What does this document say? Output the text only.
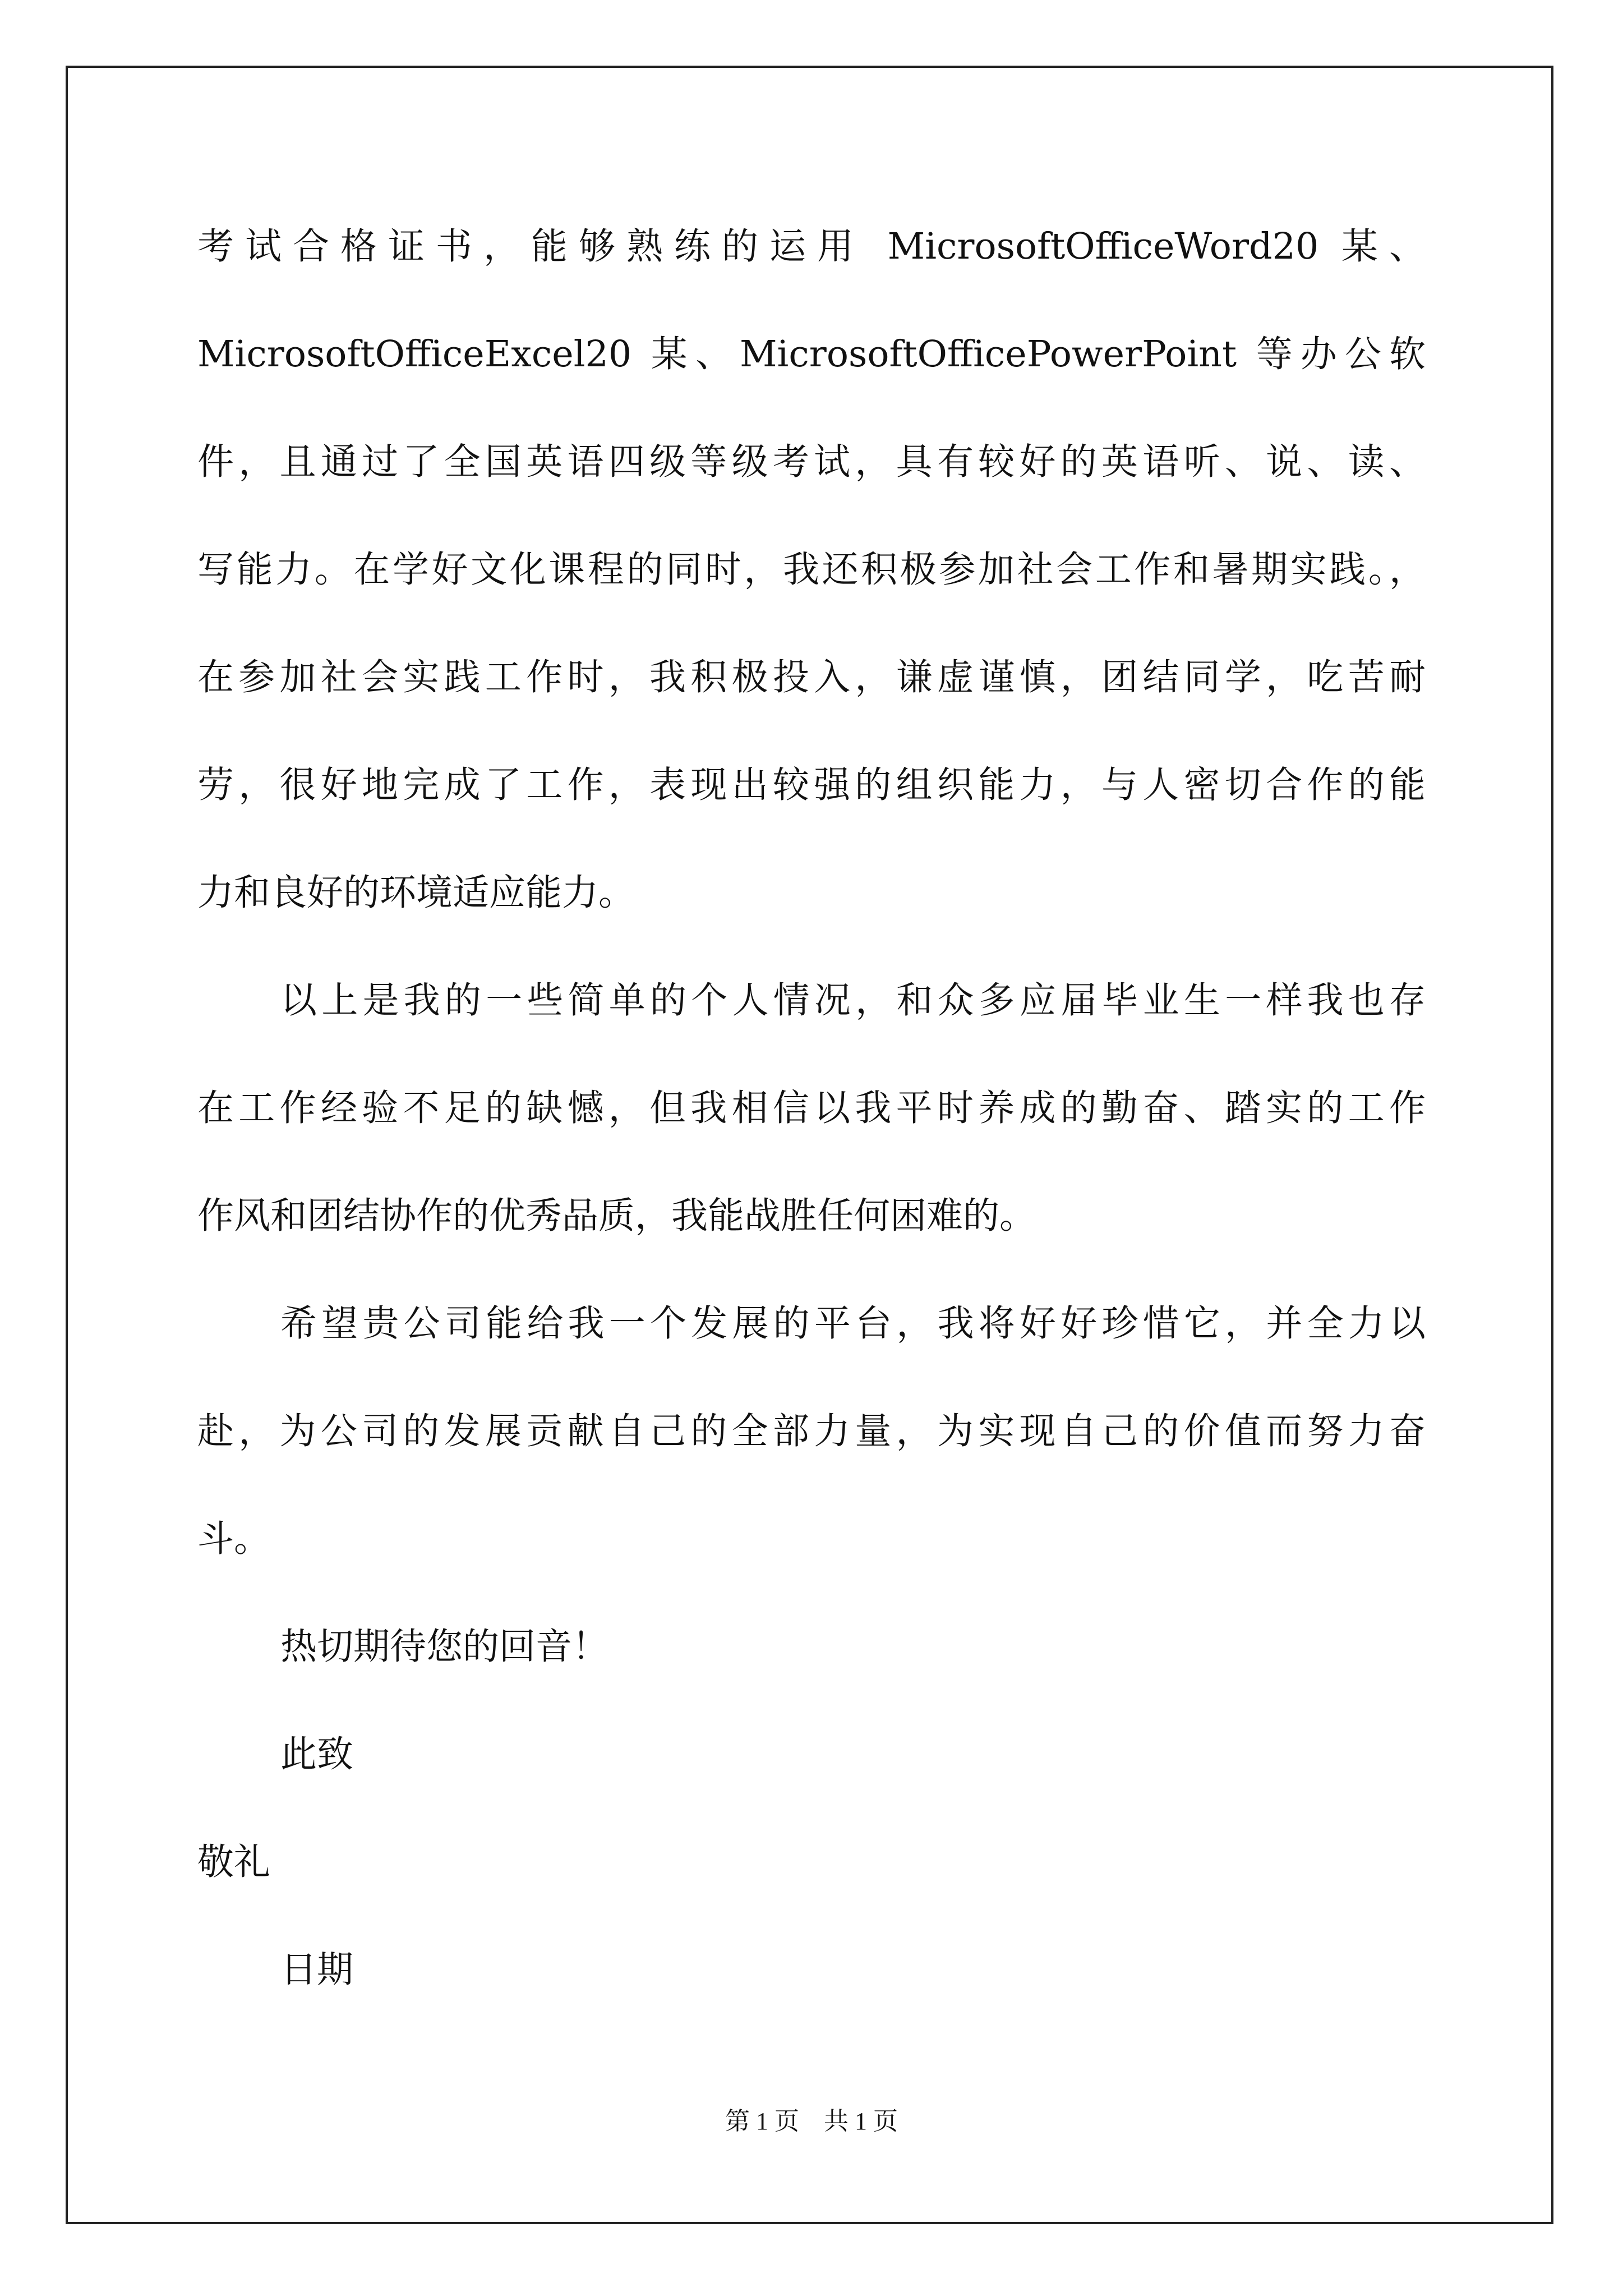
考试合格证书，能够熟练的运用 MicrosoftOfficeWord20 某、
MicrosoftOfficeExcel20 某、MicrosoftOfficePowerPoint 等办公软
件，且通过了全国英语四级等级考试，具有较好的英语听、说、读、
写能力。在学好文化课程的同时，我还积极参加社会工作和暑期实践。，
在参加社会实践工作时，我积极投入，谦虚谨慎，团结同学，吃苦耐
劳，很好地完成了工作，表现出较强的组织能力，与人密切合作的能
力和良好的环境适应能力。
以上是我的一些简单的个人情况，和众多应届毕业生一样我也存
在工作经验不足的缺憾，但我相信以我平时养成的勤奋、踏实的工作
作风和团结协作的优秀品质，我能战胜任何困难的。
希望贵公司能给我一个发展的平台，我将好好珍惜它，并全力以
赴，为公司的发展贡献自己的全部力量，为实现自己的价值而努力奋
斗。
热切期待您的回音！
此致
敬礼
日期
第 1 页　共 1 页
